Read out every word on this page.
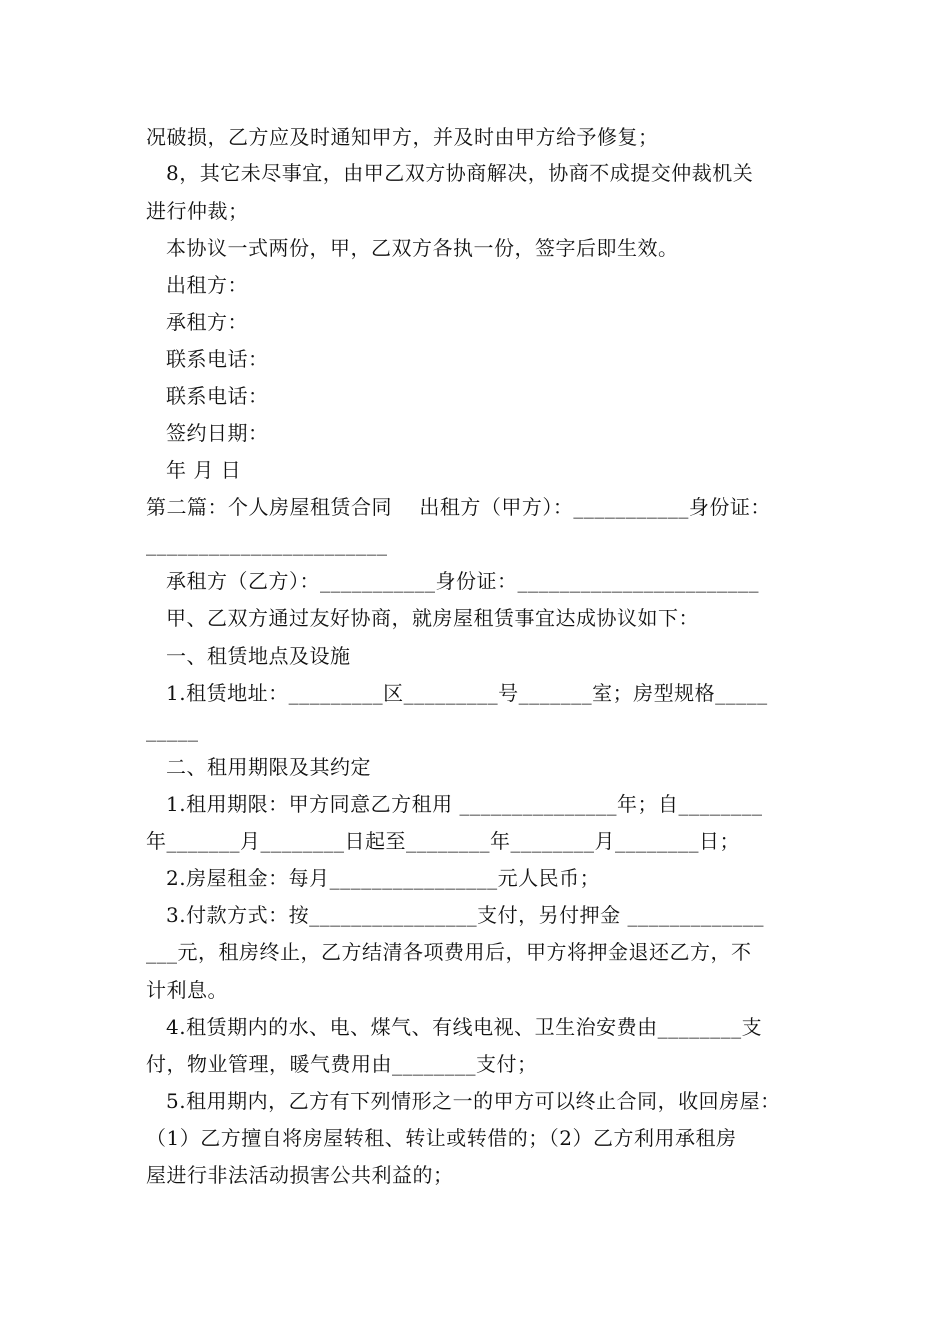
况破损，乙方应及时通知甲方，并及时由甲方给予修复；
8，其它未尽事宜，由甲乙双方协商解决，协商不成提交仲裁机关
进行仲裁；
本协议一式两份，甲，乙双方各执一份，签字后即生效。
出租方：
承租方：
联系电话：
联系电话：
签约日期：
年 月 日
第二篇：个人房屋租赁合同    出租方（甲方）：___________身份证：
_______________________
承租方（乙方）：___________身份证：_______________________
甲、乙双方通过友好协商，就房屋租赁事宜达成协议如下：
一、租赁地点及设施
1.租赁地址：_________区_________号_______室；房型规格_____
_____
二、租用期限及其约定
1.租用期限：甲方同意乙方租用 _______________年；自________
年_______月________日起至________年________月________日；
2.房屋租金：每月________________元人民币；
3.付款方式：按________________支付，另付押金 _____________
___元，租房终止，乙方结清各项费用后，甲方将押金退还乙方，不
计利息。
4.租赁期内的水、电、煤气、有线电视、卫生治安费由________支
付，物业管理，暖气费用由________支付；
5.租用期内，乙方有下列情形之一的甲方可以终止合同，收回房屋：
（1）乙方擅自将房屋转租、转让或转借的；（2）乙方利用承租房
屋进行非法活动损害公共利益的；
